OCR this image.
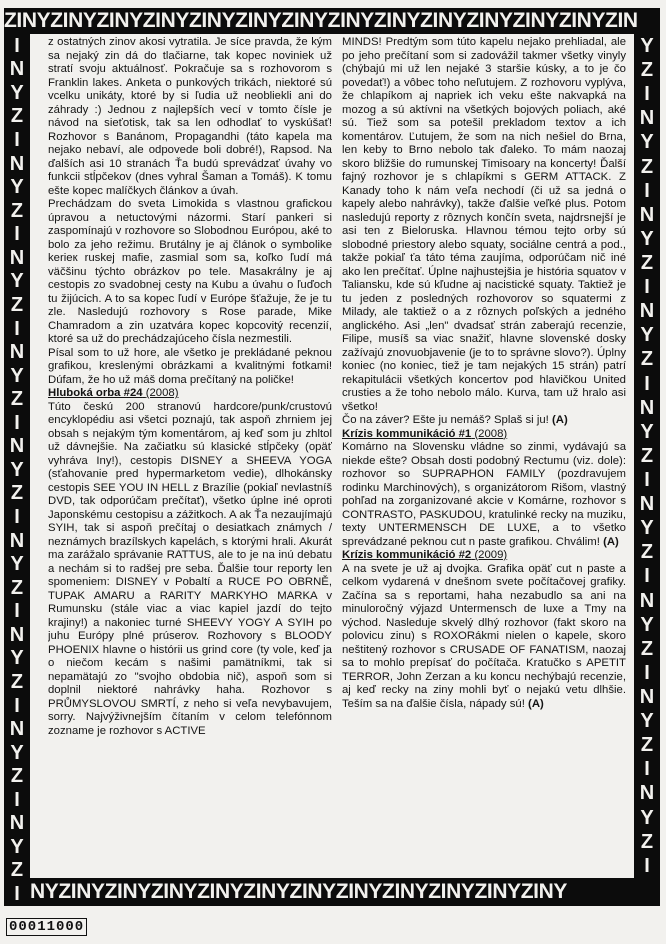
ZINYZINYZINYZINYZINYZINYZINYZINYZINYZINYZINYZINYZINYZIN
I
N
Y
Z
I
N
Y
Z
I
N
Y
Z
I
N
Y
Z
I
N
Y
Z
I
N
Y
Z
I
N
Y
Z
I
N
Y
Z
I
N
Y
Z
I
Y
Z
I
N
Y
Z
I
N
Y
Z
I
N
Y
Z
I
N
Y
Z
I
N
Y
Z
I
N
Y
Z
I
N
Y
Z
I
N
Y
Z
I
NYZINYZINYZINYZINYZINYZINYZINYZINYZINYZINYZINY

z ostatných zinov akosi vytratila. Je síce pravda, že kým sa nejaký zin dá do tlačiarne, tak kopec noviniek už stratí svoju aktuálnosť. Pokračuje sa s rozhovorom s Franklin lakes. Anketa o punkových trikách, niektoré sú vcelku unikáty, ktoré by si ľudia už neobliekli ani do záhrady :) Jednou z najlepších vecí v tomto čísle je návod na sieťotisk, tak sa len odhodlať to vyskúšať! Rozhovor s Banánom, Propagandhi (táto kapela ma nejako nebaví, ale odpovede boli dobré!), Rapsod. Na ďalších asi 10 stranách Ťa budú sprevádzať úvahy vo funkcii stĺpčekov (dnes vyhral Šaman a Tomáš). K tomu ešte kopec malíčkych článkov a úvah.

Prechádzam do sveta Limokida s vlastnou grafickou úpravou a netuctovými názormi. Starí pankeri si zaspomínajú v rozhovore so Slobodnou Európou, aké to bolo za jeho režimu. Brutálny je aj článok o symbolike kerieк ruskej mafie, zasmial som sa, koľko ľudí má väčšinu týchto obrázkov po tele. Masakrálny je aj cestopis zo svadobnej cesty na Kubu a úvahu o ľuďoch tu žijúcich. A to sa kopec ľudí v Európe šťažuje, že je tu zle. Nasledujú rozhovory s Rose parade, Mike Chamradom a zin uzatvára kopec kopcovitý recenzií, ktoré sa už do prechádzajúceho čísla nezmestili.

Písal som to už hore, ale všetko je prekládané peknou grafikou, kreslenými obrázkami a kvalitnými fotkami! Dúfam, že ho už máš doma prečítaný na poličke!

Hluboká orba #24 (2008)

Túto českú 200 stranovú hardcore/punk/crustovú encyklopédiu asi všetci poznajú, tak aspoň zhrniem jej obsah s nejakým tým komentárom, aj keď som ju zhltol už dávnejšie. Na začiatku sú klasické stĺpčeky (opäť vyhráva Iny!), cestopis DISNEY a SHEEVA YOGA (sťahovanie pred hypermarketom vedie), dlhokánsky cestopis SEE YOU IN HELL z Brazílie (pokiaľ nevlastníš DVD, tak odporúčam prečítať), všetko úplne iné oproti Japonskému cestopisu a zážitkoch. A ak Ťa nezaujímajú SYIH, tak si aspoň prečítaj o desiatkach známych / neznámych brazílskych kapelách, s ktorými hrali. Akurát ma zarážalo správanie RATTUS, ale to je na inú debatu a nechám si to radšej pre seba. Ďalšie tour reporty len spomeniem: DISNEY v Pobaltí a RUCE PO OBRNĚ, TUPAK AMARU a RARITY MARKYHO MARKA v Rumunsku (stále viac a viac kapiel jazdí do tejto krajiny!) a nakoniec turné SHEEVY YOGY A SYIH po juhu Európy plné prúserov. Rozhovory s BLOODY PHOENIX hlavne o histórii us grind core (ty vole, keď ja o niečom kecám s našimi pamätníkmi, tak si nepamätajú zo "svojho obdobia nič), aspoň som si doplnil niektoré nahrávky haha. Rozhovor s PRŮMYSLOVOU SMRTÍ, z neho si veľa nevybavujem, sorry. Najvýživnejším čítaním v celom telefónnom zozname je rozhovor s ACTIVE

MINDS! Predtým som túto kapelu nejako prehliadal, ale po jeho prečítaní som si zadovážil takmer všetky vinyly (chýbajú mi už len nejaké 3 staršie kúsky, a to je čo povedať!) a vôbec toho neľutujem. Z rozhovoru vyplýva, že chlapíkom aj napriek ich veku ešte nakvapká na mozog a sú aktívni na všetkých bojových poliach, aké sú. Tiež som sa potešil prekladom textov a ich komentárov. Ľutujem, že som na nich nešiel do Brna, len keby to Brno nebolo tak ďaleko. To mám naozaj skoro bližšie do rumunskej Timisoary na koncerty! Ďalší fajný rozhovor je s chlapíkmi s GERM ATTACK. Z Kanady toho k nám veľa nechodí (či už sa jedná o kapely alebo nahrávky), takže ďalšie veľké plus. Potom nasledujú reporty z rôznych končín sveta, najdrsnejší je asi ten z Bieloruska. Hlavnou témou tejto orby sú slobodné priestory alebo squaty, sociálne centrá a pod., takže pokiaľ ťa táto téma zaujíma, odporúčam nič iné ako len prečítať. Úplne najhustejšia je história squatov v Taliansku, kde sú kľudne aj nacistické squaty. Taktiež je tu jeden z posledných rozhovorov so squatermi z Milady, ale taktiež o a z rôznych poľských a jedného anglického. Asi „len" dvadsať strán zaberajú recenzie, Filipe, musíš sa viac snažiť, hlavne slovenské dosky zažívajú znovuobjavenie (je to to správne slovo?). Úplny koniec (no koniec, tiež je tam nejakých 15 strán) patrí rekapitulácii všetkých koncertov pod hlavičkou United crusties a že toho nebolo málo. Kurva, tam už hralo asi všetko!

Čo na záver? Ešte ju nemáš? Splaš si ju! (A)

Krízis kommunikáció #1 (2008)

Komárno na Slovensku vládne so zinmi, vydávajú sa niekde ešte? Obsah dosti podobný Rectumu (viz. dole): rozhovor so SUPRAPHON FAMILY (pozdravujem rodinku Marchinových), s organizátorom Rišom, vlastný pohľad na zorganizované akcie v Komárne, rozhovor s CONTRASTO, PASKUDOU, kratulinké recky na muziku, texty UNTERMENSCH DE LUXE, a to všetko sprevádzané peknou cut n paste grafikou. Chválim! (A)

Krízis kommunikáció #2 (2009)

A na svete je už aj dvojka. Grafika opäť cut n paste a celkom vydarená v dnešnom svete počítačovej grafiky. Začína sa s reportami, haha nezabudlo sa ani na minuloročný výjazd Untermensch de luxe a Tmy na východ. Nasleduje skvelý dlhý rozhovor (fakt skoro na polovicu zinu) s ROXORákmi nielen o kapele, skoro neštitený rozhovor s CRUSADE OF FANATISM, naozaj sa to mohlo prepísať do počítača. Kratučko s APETIT TERROR, John Zerzan a ku koncu nechýbajú recenzie, aj keď recky na ziny mohli byť o nejakú vetu dlhšie. Teším sa na ďalšie čísla, nápady sú! (A)

00011000
